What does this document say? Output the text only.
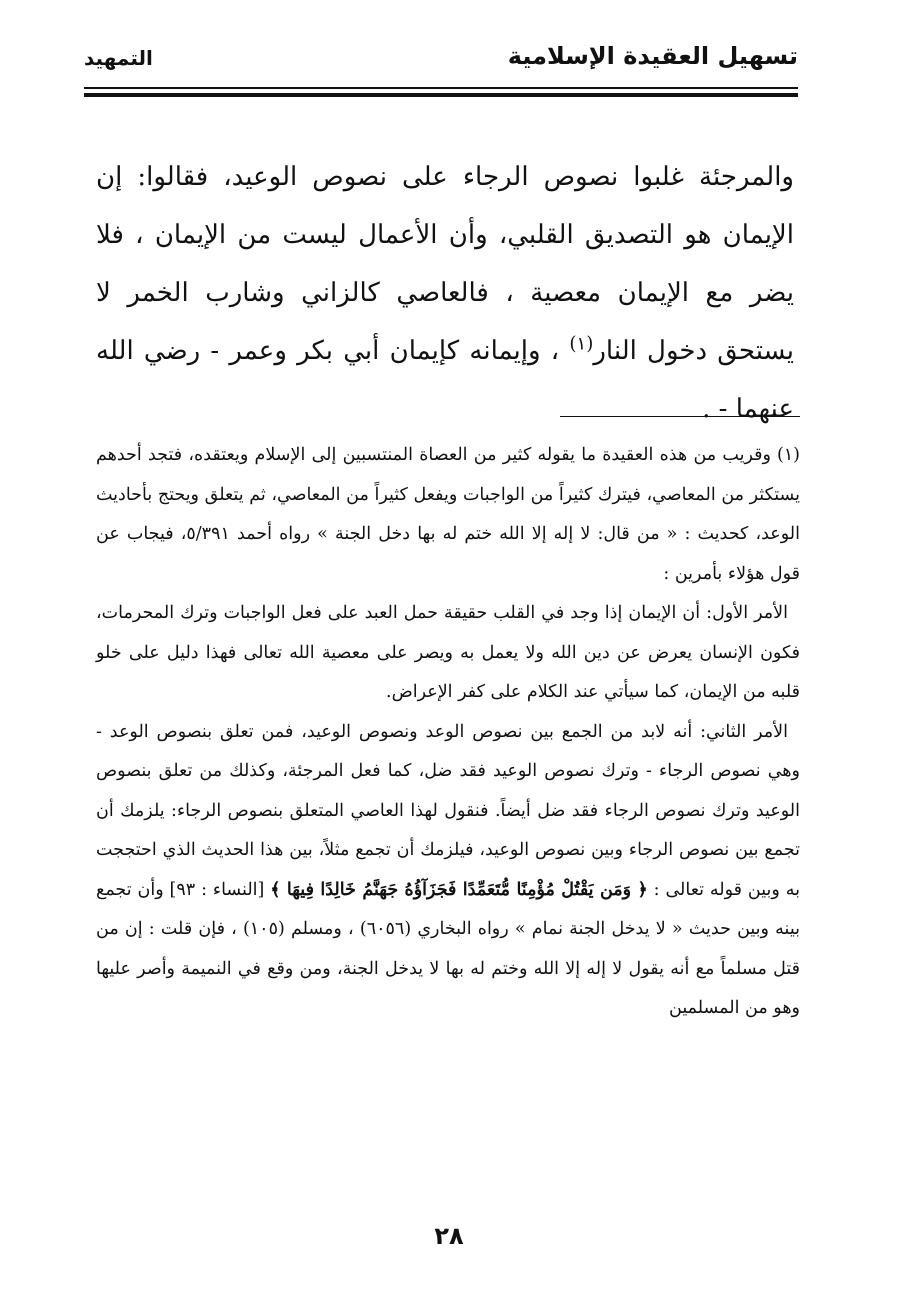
تسهيل العقيدة الإسلامية
التمهيد
والمرجئة غلبوا نصوص الرجاء على نصوص الوعيد، فقالوا: إن الإيمان هو التصديق القلبي، وأن الأعمال ليست من الإيمان ، فلا يضر مع الإيمان معصية ، فالعاصي كالزاني وشارب الخمر لا يستحق دخول النار$^{(١)}$ ، وإيمانه كإيمان أبي بكر وعمر - رضي الله عنهما - .

(١)وقريب من هذه العقيدة ما يقوله كثير من العصاة المنتسبين إلى الإسلام ويعتقده، فتجد أحدهم يستكثر من المعاصي، فيترك كثيراً من الواجبات ويفعل كثيراً من المعاصي، ثم يتعلق ويحتج بأحاديث الوعد، كحديث : « من قال: لا إله إلا الله ختم له بها دخل الجنة » رواه أحمد ٥/٣٩١، فيجاب عن قول هؤلاء بأمرين :

الأمر الأول: أن الإيمان إذا وجد في القلب حقيقة حمل العبد على فعل الواجبات وترك المحرمات، فكون الإنسان يعرض عن دين الله ولا يعمل به ويصر على معصية الله تعالى فهذا دليل على خلو قلبه من الإيمان، كما سيأتي عند الكلام على كفر الإعراض.

الأمر الثاني: أنه لابد من الجمع بين نصوص الوعد ونصوص الوعيد، فمن تعلق بنصوص الوعد - وهي نصوص الرجاء - وترك نصوص الوعيد فقد ضل، كما فعل المرجئة، وكذلك من تعلق بنصوص الوعيد وترك نصوص الرجاء فقد ضل أيضاً. فنقول لهذا العاصي المتعلق بنصوص الرجاء: يلزمك أن تجمع بين نصوص الرجاء وبين نصوص الوعيد، فيلزمك أن تجمع مثلاً، بين هذا الحديث الذي احتججت به وبين قوله تعالى : ﴿ وَمَن يَقْتُلْ مُؤْمِنًا مُّتَعَمِّدًا فَجَزَآؤُهُ جَهَنَّمُ خَالِدًا فِيهَا ﴾ [النساء : ٩٣] وأن تجمع بينه وبين حديث « لا يدخل الجنة نمام » رواه البخاري (٦٠٥٦) ، ومسلم (١٠٥) ، فإن قلت : إن من قتل مسلماً مع أنه يقول لا إله إلا الله وختم له بها لا يدخل الجنة، ومن وقع في النميمة وأصر عليها وهو من المسلمين

٢٨
